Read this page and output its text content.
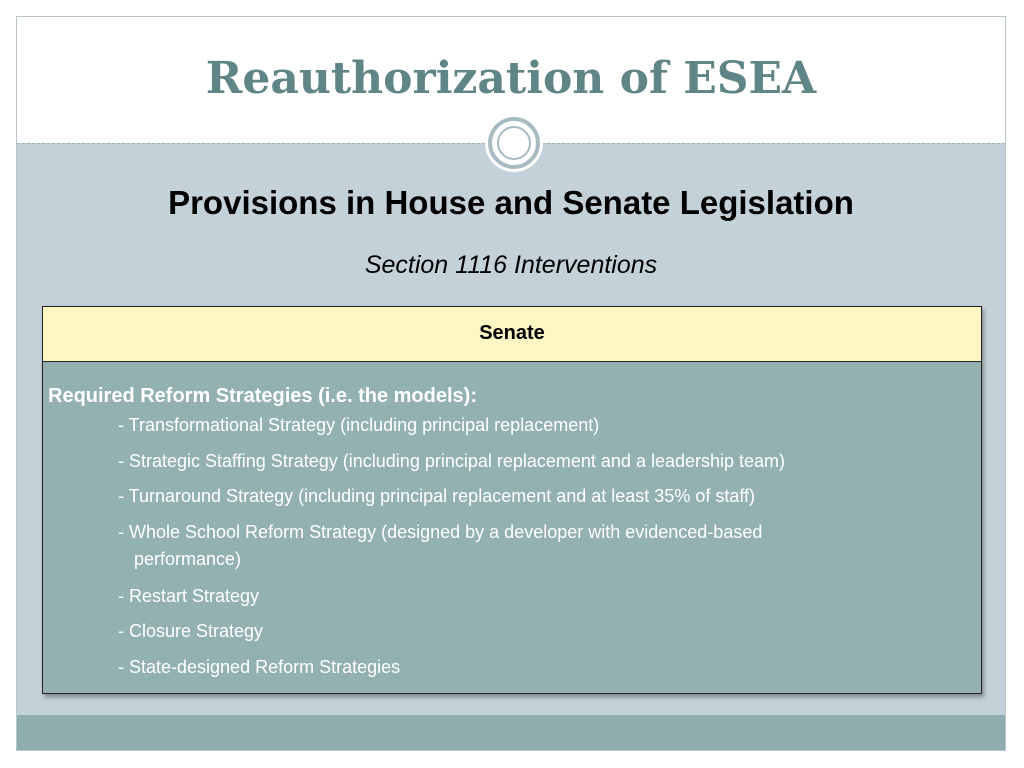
Reauthorization of ESEA
Provisions in House and Senate Legislation
Section 1116 Interventions
Senate
Required Reform Strategies (i.e. the models):
- Transformational Strategy (including principal replacement)
- Strategic Staffing Strategy (including principal replacement and a leadership team)
- Turnaround Strategy (including principal replacement and at least 35% of staff)
- Whole School Reform Strategy (designed by a developer with evidenced-based
performance)
- Restart Strategy
- Closure Strategy
- State-designed Reform Strategies
